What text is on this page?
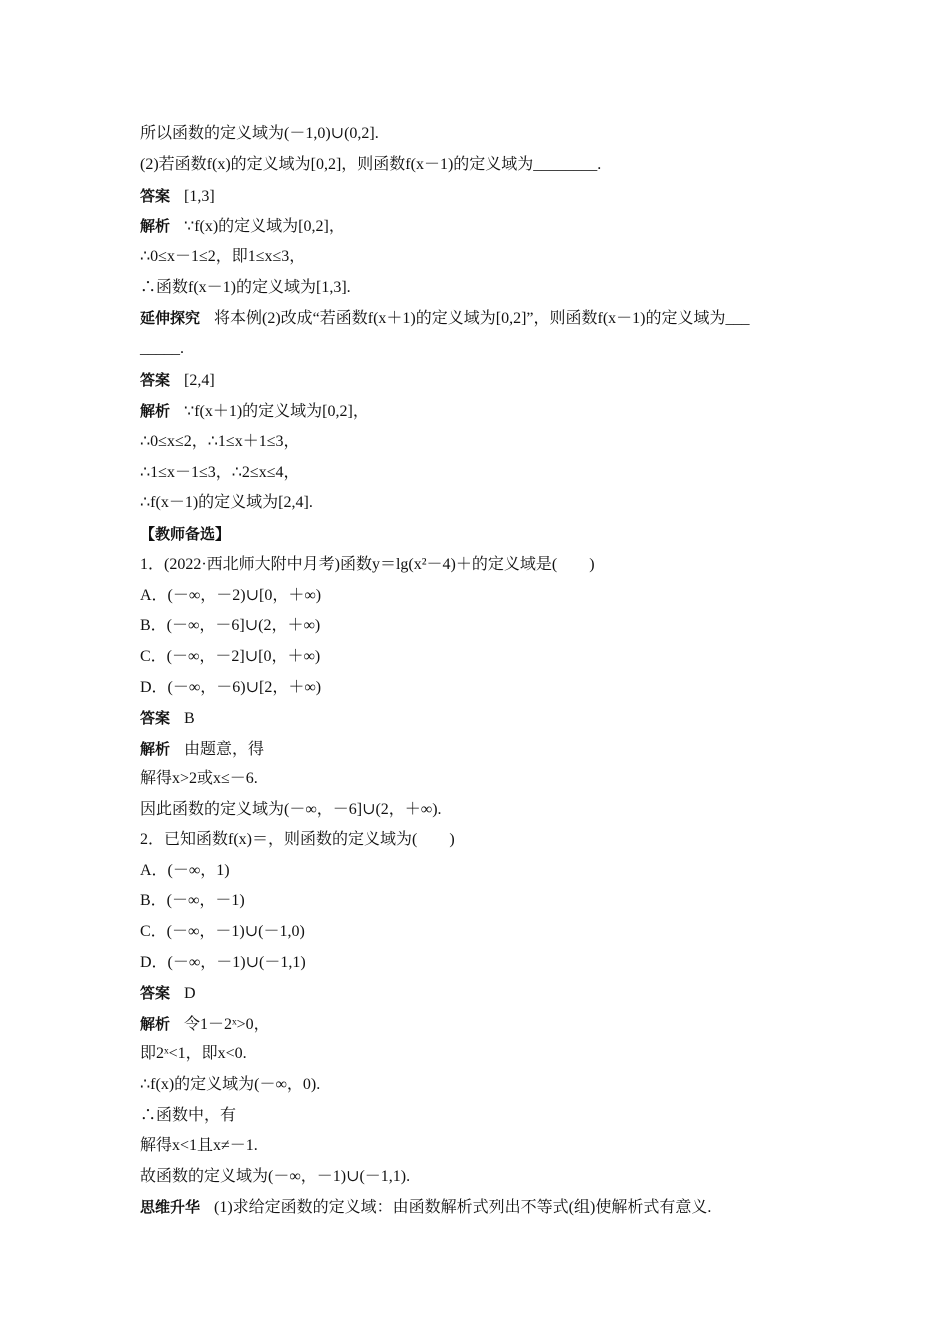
所以函数的定义域为(－1,0)∪(0,2].
(2)若函数f(x)的定义域为[0,2]，则函数f(x－1)的定义域为________.
答案 [1,3]
解析 ∵f(x)的定义域为[0,2]，
∴0≤x－1≤2，即1≤x≤3，
∴函数f(x－1)的定义域为[1,3].
延伸探究 将本例(2)改成“若函数f(x＋1)的定义域为[0,2]”，则函数f(x－1)的定义域为___
_____.
答案 [2,4]
解析 ∵f(x＋1)的定义域为[0,2]，
∴0≤x≤2，∴1≤x＋1≤3，
∴1≤x－1≤3，∴2≤x≤4，
∴f(x－1)的定义域为[2,4].
【教师备选】
1．(2022·西北师大附中月考)函数y＝lg(x²－4)＋的定义域是(　　)
A．(－∞，－2)∪[0，＋∞)
B．(－∞，－6]∪(2，＋∞)
C．(－∞，－2]∪[0，＋∞)
D．(－∞，－6)∪[2，＋∞)
答案 B
解析 由题意，得
解得x>2或x≤－6.
因此函数的定义域为(－∞，－6]∪(2，＋∞).
2．已知函数f(x)＝，则函数的定义域为(　　)
A．(－∞，1)
B．(－∞，－1)
C．(－∞，－1)∪(－1,0)
D．(－∞，－1)∪(－1,1)
答案 D
解析 令1－2ˣ>0，
即2ˣ<1，即x<0.
∴f(x)的定义域为(－∞，0).
∴函数中，有
解得x<1且x≠－1.
故函数的定义域为(－∞，－1)∪(－1,1).
思维升华 (1)求给定函数的定义域：由函数解析式列出不等式(组)使解析式有意义.
